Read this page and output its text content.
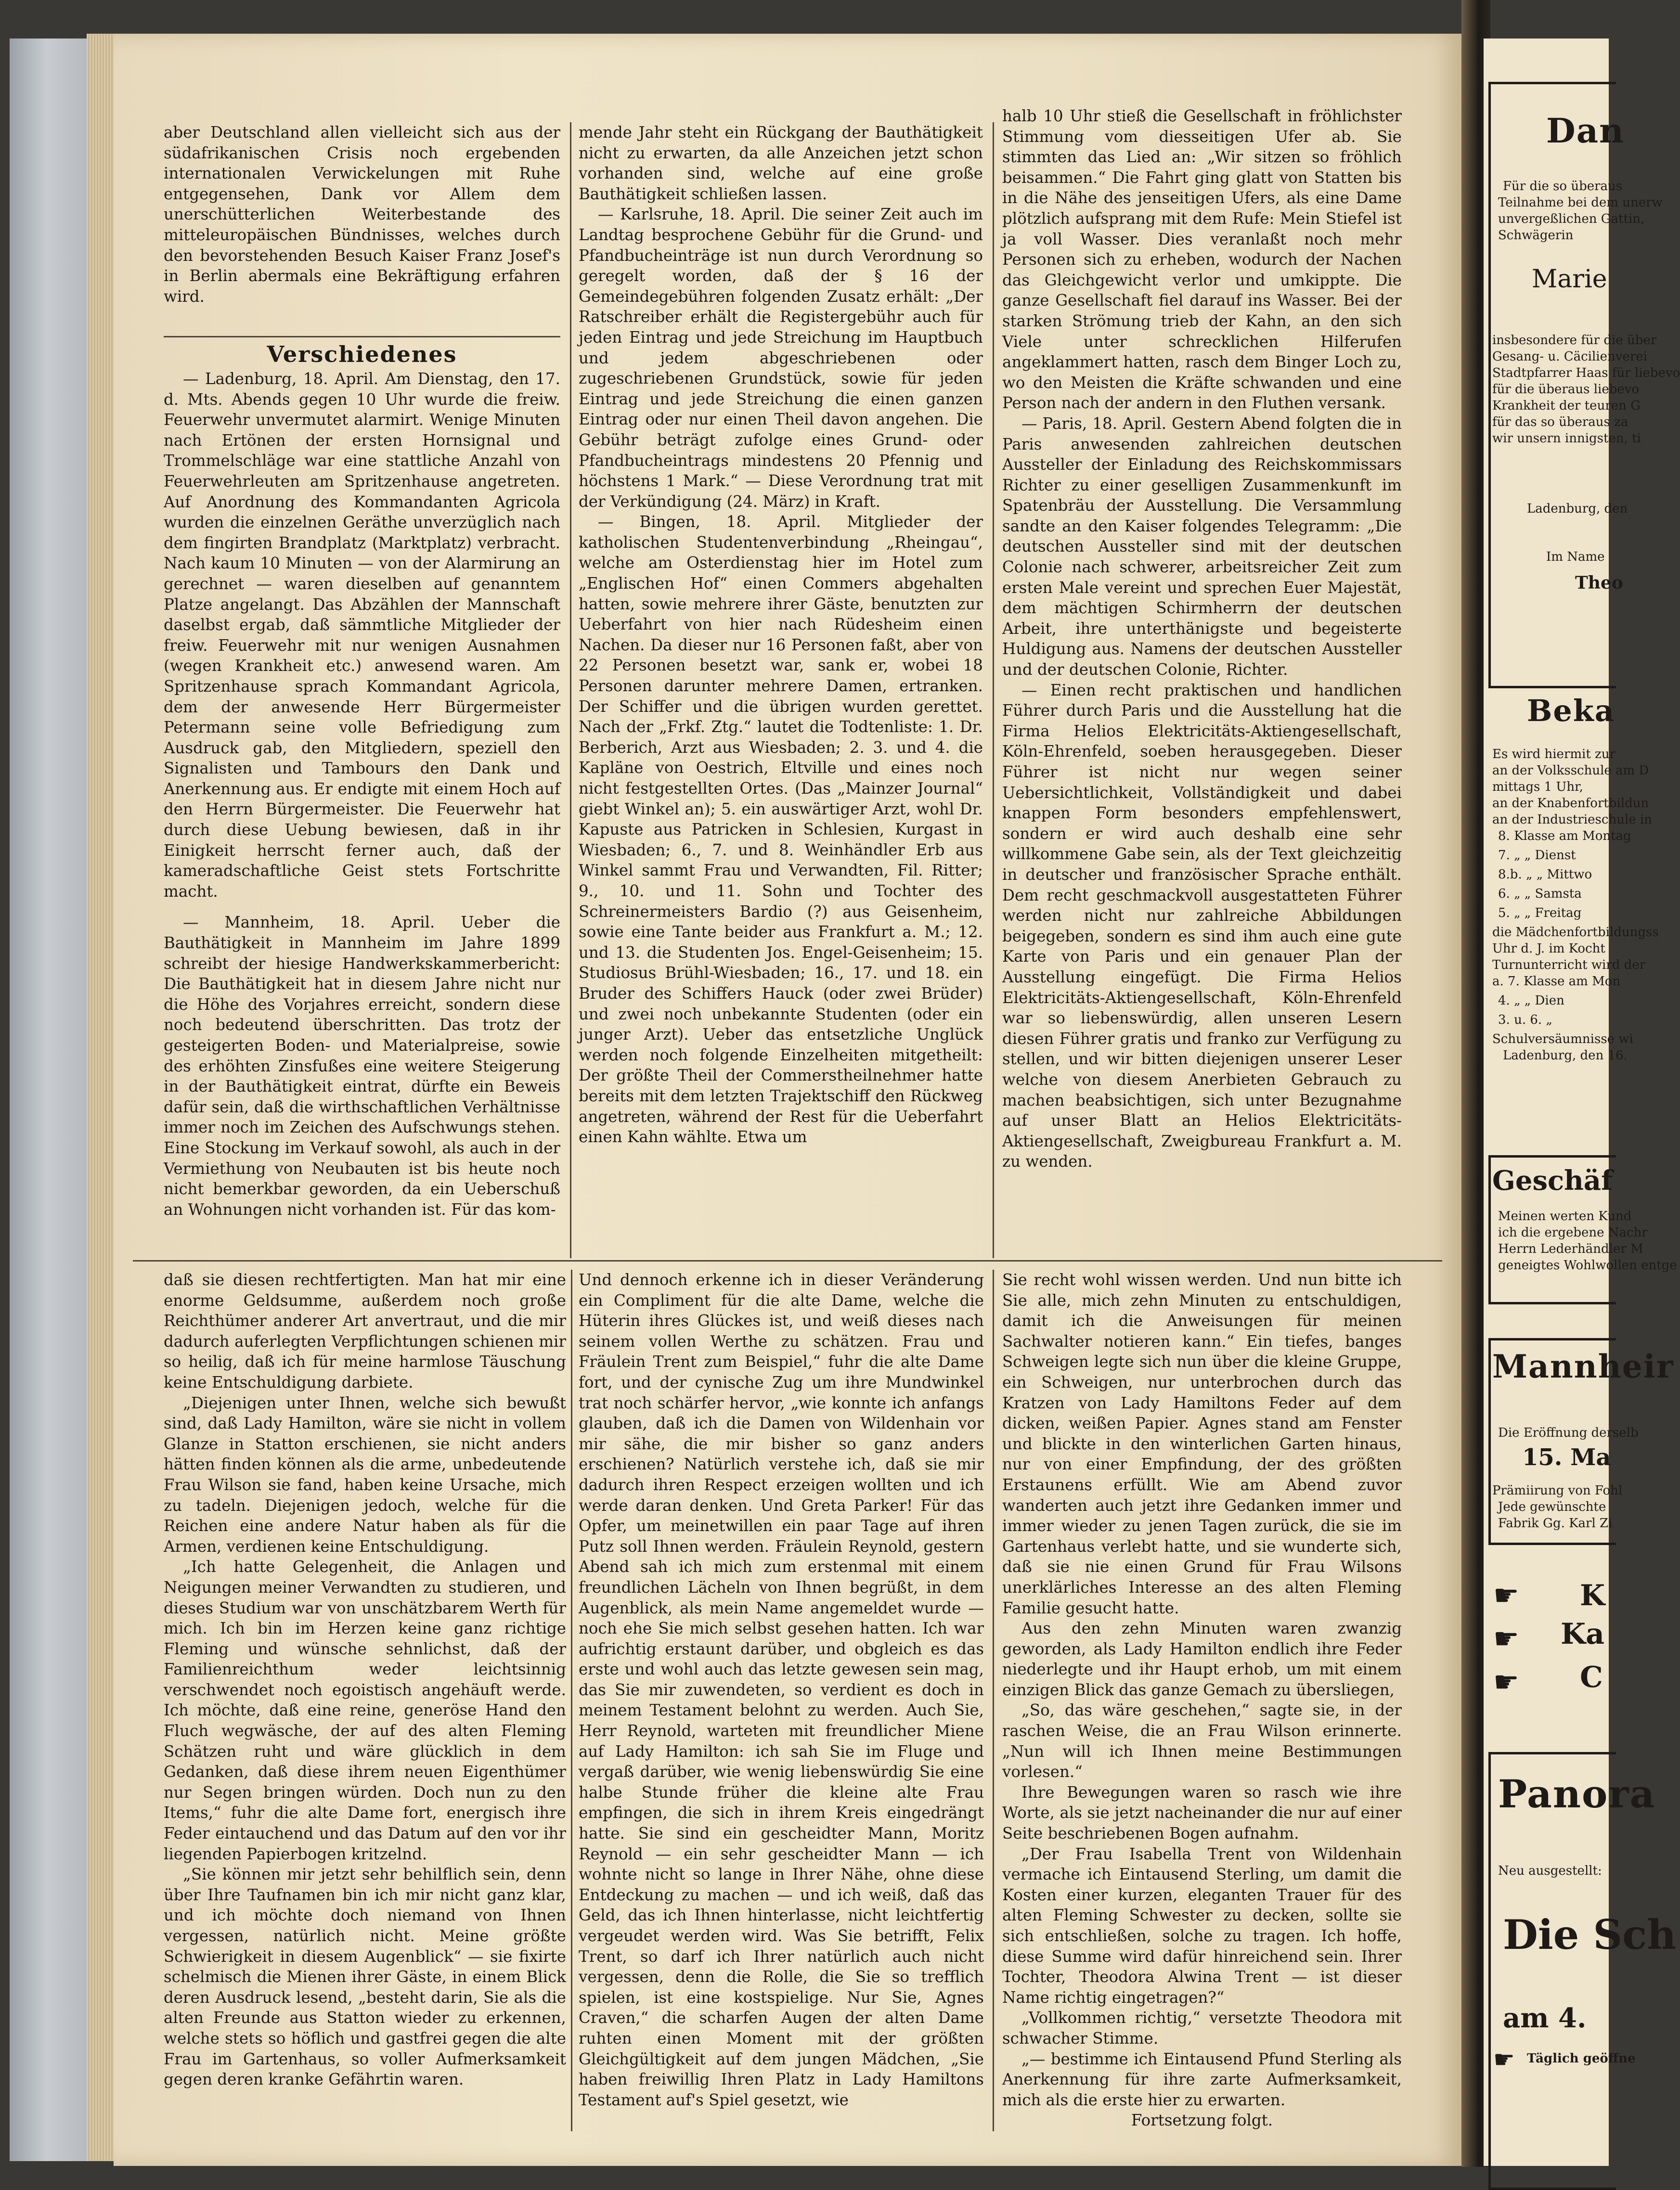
aber Deutschland allen vielleicht sich aus der südafrikanischen Crisis noch ergebenden internationalen Verwickelungen mit Ruhe entgegensehen, Dank vor Allem dem unerschütterlichen Weiterbestande des mitteleuropäischen Bündnisses, welches durch den bevorstehenden Besuch Kaiser Franz Josef's in Berlin abermals eine Bekräftigung erfahren wird.

Verschiedenes

— Ladenburg, 18. April. Am Dienstag, den 17. d. Mts. Abends gegen 10 Uhr wurde die freiw. Feuerwehr unvermutet alarmirt. Wenige Minuten nach Ertönen der ersten Hornsignal und Trommelschläge war eine stattliche Anzahl von Feuerwehrleuten am Spritzenhause angetreten. Auf Anordnung des Kommandanten Agricola wurden die einzelnen Geräthe unverzüglich nach dem fingirten Brandplatz (Marktplatz) verbracht. Nach kaum 10 Minuten — von der Alarmirung an gerechnet — waren dieselben auf genanntem Platze angelangt. Das Abzählen der Mannschaft daselbst ergab, daß sämmtliche Mitglieder der freiw. Feuerwehr mit nur wenigen Ausnahmen (wegen Krankheit etc.) anwesend waren. Am Spritzenhause sprach Kommandant Agricola, dem der anwesende Herr Bürgermeister Petermann seine volle Befriedigung zum Ausdruck gab, den Mitgliedern, speziell den Signalisten und Tambours den Dank und Anerkennung aus. Er endigte mit einem Hoch auf den Herrn Bürgermeister. Die Feuerwehr hat durch diese Uebung bewiesen, daß in ihr Einigkeit herrscht ferner auch, daß der kameradschaftliche Geist stets Fortschritte macht.

— Mannheim, 18. April. Ueber die Bauthätigkeit in Mannheim im Jahre 1899 schreibt der hiesige Handwerkskammerbericht: Die Bauthätigkeit hat in diesem Jahre nicht nur die Höhe des Vorjahres erreicht, sondern diese noch bedeutend überschritten. Das trotz der gesteigerten Boden- und Materialpreise, sowie des erhöhten Zinsfußes eine weitere Steigerung in der Bauthätigkeit eintrat, dürfte ein Beweis dafür sein, daß die wirthschaftlichen Verhältnisse immer noch im Zeichen des Aufschwungs stehen. Eine Stockung im Verkauf sowohl, als auch in der Vermiethung von Neubauten ist bis heute noch nicht bemerkbar geworden, da ein Ueberschuß an Wohnungen nicht vorhanden ist. Für das kom-

mende Jahr steht ein Rückgang der Bauthätigkeit nicht zu erwarten, da alle Anzeichen jetzt schon vorhanden sind, welche auf eine große Bauthätigkeit schließen lassen.

— Karlsruhe, 18. April. Die seiner Zeit auch im Landtag besprochene Gebühr für die Grund- und Pfandbucheinträge ist nun durch Verordnung so geregelt worden, daß der § 16 der Gemeindegebühren folgenden Zusatz erhält: „Der Ratschreiber erhält die Registergebühr auch für jeden Eintrag und jede Streichung im Hauptbuch und jedem abgeschriebenen oder zugeschriebenen Grundstück, sowie für jeden Eintrag und jede Streichung die einen ganzen Eintrag oder nur einen Theil davon angehen. Die Gebühr beträgt zufolge eines Grund- oder Pfandbucheintrags mindestens 20 Pfennig und höchstens 1 Mark.“ — Diese Verordnung trat mit der Verkündigung (24. März) in Kraft.

— Bingen, 18. April. Mitglieder der katholischen Studentenverbindung „Rheingau“, welche am Osterdienstag hier im Hotel zum „Englischen Hof“ einen Commers abgehalten hatten, sowie mehrere ihrer Gäste, benutzten zur Ueberfahrt von hier nach Rüdesheim einen Nachen. Da dieser nur 16 Personen faßt, aber von 22 Personen besetzt war, sank er, wobei 18 Personen darunter mehrere Damen, ertranken. Der Schiffer und die übrigen wurden gerettet. Nach der „Frkf. Ztg.“ lautet die Todtenliste: 1. Dr. Berberich, Arzt aus Wiesbaden; 2. 3. und 4. die Kapläne von Oestrich, Eltville und eines noch nicht festgestellten Ortes. (Das „Mainzer Journal“ giebt Winkel an); 5. ein auswärtiger Arzt, wohl Dr. Kapuste aus Patricken in Schlesien, Kurgast in Wiesbaden; 6., 7. und 8. Weinhändler Erb aus Winkel sammt Frau und Verwandten, Fil. Ritter; 9., 10. und 11. Sohn und Tochter des Schreinermeisters Bardio (?) aus Geisenheim, sowie eine Tante beider aus Frankfurt a. M.; 12. und 13. die Studenten Jos. Engel-Geisenheim; 15. Studiosus Brühl-Wiesbaden; 16., 17. und 18. ein Bruder des Schiffers Hauck (oder zwei Brüder) und zwei noch unbekannte Studenten (oder ein junger Arzt). Ueber das entsetzliche Unglück werden noch folgende Einzelheiten mitgetheilt: Der größte Theil der Commerstheilnehmer hatte bereits mit dem letzten Trajektschiff den Rückweg angetreten, während der Rest für die Ueberfahrt einen Kahn wählte. Etwa um

halb 10 Uhr stieß die Gesellschaft in fröhlichster Stimmung vom diesseitigen Ufer ab. Sie stimmten das Lied an: „Wir sitzen so fröhlich beisammen.“ Die Fahrt ging glatt von Statten bis in die Nähe des jenseitigen Ufers, als eine Dame plötzlich aufsprang mit dem Rufe: Mein Stiefel ist ja voll Wasser. Dies veranlaßt noch mehr Personen sich zu erheben, wodurch der Nachen das Gleichgewicht verlor und umkippte. Die ganze Gesellschaft fiel darauf ins Wasser. Bei der starken Strömung trieb der Kahn, an den sich Viele unter schrecklichen Hilferufen angeklammert hatten, rasch dem Binger Loch zu, wo den Meisten die Kräfte schwanden und eine Person nach der andern in den Fluthen versank.

— Paris, 18. April. Gestern Abend folgten die in Paris anwesenden zahlreichen deutschen Aussteller der Einladung des Reichskommissars Richter zu einer geselligen Zusammenkunft im Spatenbräu der Ausstellung. Die Versammlung sandte an den Kaiser folgendes Telegramm: „Die deutschen Aussteller sind mit der deutschen Colonie nach schwerer, arbeitsreicher Zeit zum ersten Male vereint und sprechen Euer Majestät, dem mächtigen Schirmherrn der deutschen Arbeit, ihre unterthänigste und begeisterte Huldigung aus. Namens der deutschen Aussteller und der deutschen Colonie, Richter.

— Einen recht praktischen und handlichen Führer durch Paris und die Ausstellung hat die Firma Helios Elektricitäts-Aktiengesellschaft, Köln-Ehrenfeld, soeben herausgegeben. Dieser Führer ist nicht nur wegen seiner Uebersichtlichkeit, Vollständigkeit und dabei knappen Form besonders empfehlenswert, sondern er wird auch deshalb eine sehr willkommene Gabe sein, als der Text gleichzeitig in deutscher und französischer Sprache enthält. Dem recht geschmackvoll ausgestatteten Führer werden nicht nur zahlreiche Abbildungen beigegeben, sondern es sind ihm auch eine gute Karte von Paris und ein genauer Plan der Ausstellung eingefügt. Die Firma Helios Elektricitäts-Aktiengesellschaft, Köln-Ehrenfeld war so liebenswürdig, allen unseren Lesern diesen Führer gratis und franko zur Verfügung zu stellen, und wir bitten diejenigen unserer Leser welche von diesem Anerbieten Gebrauch zu machen beabsichtigen, sich unter Bezugnahme auf unser Blatt an Helios Elektricitäts-Aktiengesellschaft, Zweigbureau Frankfurt a. M. zu wenden.

daß sie diesen rechtfertigten. Man hat mir eine enorme Geldsumme, außerdem noch große Reichthümer anderer Art anvertraut, und die mir dadurch auferlegten Verpflichtungen schienen mir so heilig, daß ich für meine harmlose Täuschung keine Entschuldigung darbiete.

„Diejenigen unter Ihnen, welche sich bewußt sind, daß Lady Hamilton, wäre sie nicht in vollem Glanze in Statton erschienen, sie nicht anders hätten finden können als die arme, unbedeutende Frau Wilson sie fand, haben keine Ursache, mich zu tadeln. Diejenigen jedoch, welche für die Reichen eine andere Natur haben als für die Armen, verdienen keine Entschuldigung.

„Ich hatte Gelegenheit, die Anlagen und Neigungen meiner Verwandten zu studieren, und dieses Studium war von unschätzbarem Werth für mich. Ich bin im Herzen keine ganz richtige Fleming und wünsche sehnlichst, daß der Familienreichthum weder leichtsinnig verschwendet noch egoistisch angehäuft werde. Ich möchte, daß eine reine, generöse Hand den Fluch wegwäsche, der auf des alten Fleming Schätzen ruht und wäre glücklich in dem Gedanken, daß diese ihrem neuen Eigenthümer nur Segen bringen würden. Doch nun zu den Items,“ fuhr die alte Dame fort, energisch ihre Feder eintauchend und das Datum auf den vor ihr liegenden Papierbogen kritzelnd.

„Sie können mir jetzt sehr behilflich sein, denn über Ihre Taufnamen bin ich mir nicht ganz klar, und ich möchte doch niemand von Ihnen vergessen, natürlich nicht. Meine größte Schwierigkeit in diesem Augenblick“ — sie fixirte schelmisch die Mienen ihrer Gäste, in einem Blick deren Ausdruck lesend, „besteht darin, Sie als die alten Freunde aus Statton wieder zu erkennen, welche stets so höflich und gastfrei gegen die alte Frau im Gartenhaus, so voller Aufmerksamkeit gegen deren kranke Gefährtin waren.

Und dennoch erkenne ich in dieser Veränderung ein Compliment für die alte Dame, welche die Hüterin ihres Glückes ist, und weiß dieses nach seinem vollen Werthe zu schätzen. Frau und Fräulein Trent zum Beispiel,“ fuhr die alte Dame fort, und der cynische Zug um ihre Mundwinkel trat noch schärfer hervor, „wie konnte ich anfangs glauben, daß ich die Damen von Wildenhain vor mir sähe, die mir bisher so ganz anders erschienen? Natürlich verstehe ich, daß sie mir dadurch ihren Respect erzeigen wollten und ich werde daran denken. Und Greta Parker! Für das Opfer, um meinetwillen ein paar Tage auf ihren Putz soll Ihnen werden. Fräulein Reynold, gestern Abend sah ich mich zum erstenmal mit einem freundlichen Lächeln von Ihnen begrüßt, in dem Augenblick, als mein Name angemeldet wurde — noch ehe Sie mich selbst gesehen hatten. Ich war aufrichtig erstaunt darüber, und obgleich es das erste und wohl auch das letzte gewesen sein mag, das Sie mir zuwendeten, so verdient es doch in meinem Testament belohnt zu werden. Auch Sie, Herr Reynold, warteten mit freundlicher Miene auf Lady Hamilton: ich sah Sie im Fluge und vergaß darüber, wie wenig liebenswürdig Sie eine halbe Stunde früher die kleine alte Frau empfingen, die sich in ihrem Kreis eingedrängt hatte. Sie sind ein gescheidter Mann, Moritz Reynold — ein sehr gescheidter Mann — ich wohnte nicht so lange in Ihrer Nähe, ohne diese Entdeckung zu machen — und ich weiß, daß das Geld, das ich Ihnen hinterlasse, nicht leichtfertig vergeudet werden wird. Was Sie betrifft, Felix Trent, so darf ich Ihrer natürlich auch nicht vergessen, denn die Rolle, die Sie so trefflich spielen, ist eine kostspielige. Nur Sie, Agnes Craven,“ die scharfen Augen der alten Dame ruhten einen Moment mit der größten Gleichgültigkeit auf dem jungen Mädchen, „Sie haben freiwillig Ihren Platz in Lady Hamiltons Testament auf's Spiel gesetzt, wie

Sie recht wohl wissen werden. Und nun bitte ich Sie alle, mich zehn Minuten zu entschuldigen, damit ich die Anweisungen für meinen Sachwalter notieren kann.“ Ein tiefes, banges Schweigen legte sich nun über die kleine Gruppe, ein Schweigen, nur unterbrochen durch das Kratzen von Lady Hamiltons Feder auf dem dicken, weißen Papier. Agnes stand am Fenster und blickte in den winterlichen Garten hinaus, nur von einer Empfindung, der des größten Erstaunens erfüllt. Wie am Abend zuvor wanderten auch jetzt ihre Gedanken immer und immer wieder zu jenen Tagen zurück, die sie im Gartenhaus verlebt hatte, und sie wunderte sich, daß sie nie einen Grund für Frau Wilsons unerklärliches Interesse an des alten Fleming Familie gesucht hatte.

Aus den zehn Minuten waren zwanzig geworden, als Lady Hamilton endlich ihre Feder niederlegte und ihr Haupt erhob, um mit einem einzigen Blick das ganze Gemach zu übersliegen,

„So, das wäre geschehen,“ sagte sie, in der raschen Weise, die an Frau Wilson erinnerte. „Nun will ich Ihnen meine Bestimmungen vorlesen.“

Ihre Bewegungen waren so rasch wie ihre Worte, als sie jetzt nacheinander die nur auf einer Seite beschriebenen Bogen aufnahm.

„Der Frau Isabella Trent von Wildenhain vermache ich Eintausend Sterling, um damit die Kosten einer kurzen, eleganten Trauer für des alten Fleming Schwester zu decken, sollte sie sich entschließen, solche zu tragen. Ich hoffe, diese Summe wird dafür hinreichend sein. Ihrer Tochter, Theodora Alwina Trent — ist dieser Name richtig eingetragen?“

„Vollkommen richtig,“ versetzte Theodora mit schwacher Stimme.

„— bestimme ich Eintausend Pfund Sterling als Anerkennung für ihre zarte Aufmerksamkeit, mich als die erste hier zu erwarten.

Fortsetzung folgt.

Dan
Für die so überaus
Teilnahme bei dem unerw
unvergeßlichen Gattin,
Schwägerin
Marie
insbesondere für die über
Gesang- u. Cäcilienverei
Stadtpfarrer Haas für liebevo
für die überaus liebevo
Krankheit der teuren G
für das so überaus za
wir unsern innigsten, ti
Ladenburg, den
Im Name
Theo
Beka
Es wird hiermit zur
an der Volksschule am D
mittags 1 Uhr,
an der Knabenfortbildun
an der Industrieschule in
8. Klasse am Montag
7. „ „ Dienst
8.b. „ „ Mittwo
6. „ „ Samsta
5. „ „ Freitag
die Mädchenfortbildungss
Uhr d. J. im Kocht
Turnunterricht wird der
a. 7. Klasse am Mon
4. „ „ Dien
3. u. 6. „
Schulversäumnisse wi
Ladenburg, den 16.
Geschäf
Meinen werten Kund
ich die ergebene Nachr
Herrn Lederhändler M
geneigtes Wohlwollen entge
Mannheir
Die Eröffnung derselb
15. Ma
Prämiirung von Fohl
Jede gewünschte
Fabrik Gg. Karl Zi
☛
☛
☛
K
Ka
C
Panora
Neu ausgestellt:
Die Sch
am 4.
☛ Täglich geöffne
